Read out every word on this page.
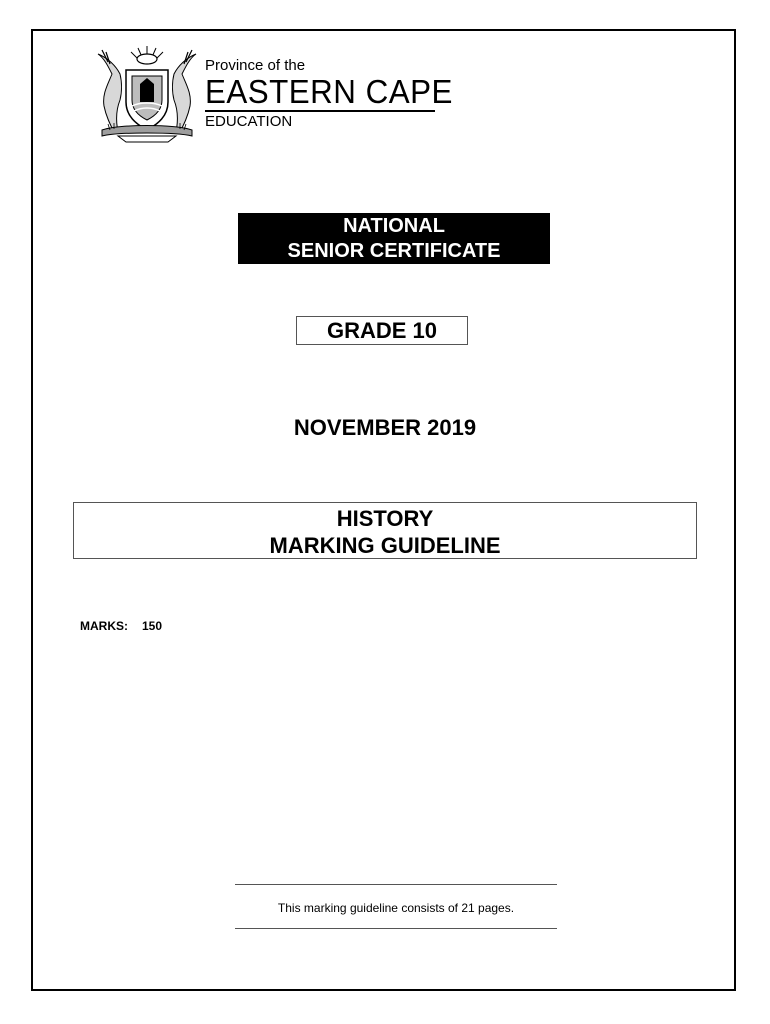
Province of the
EASTERN CAPE
EDUCATION
NATIONAL
SENIOR CERTIFICATE
GRADE 10
NOVEMBER 2019
HISTORY
MARKING GUIDELINE
MARKS: 150
This marking guideline consists of 21 pages.
